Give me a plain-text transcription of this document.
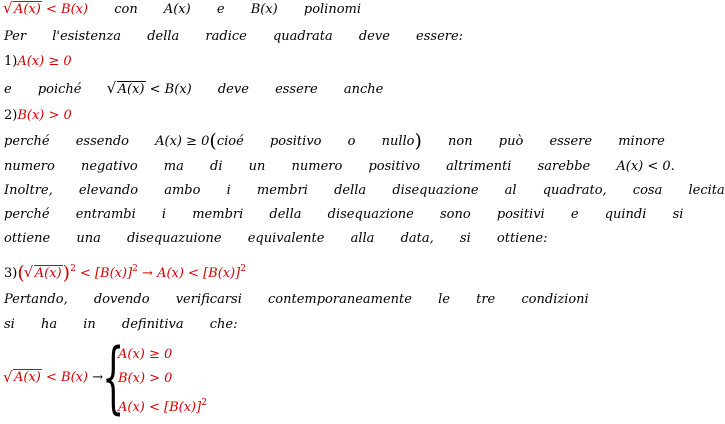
√ A(x) < B(x) con A(x) e B(x) polinomi
Per l'esistenza della radice quadrata deve essere:
1)A(x) ≥ 0
e poiché √ A(x) < B(x) deve essere anche
2)B(x) > 0
perché essendo A(x) ≥ 0(cioé positivo o nullo) non può essere minore
numero negativo ma di un numero positivo altrimenti sarebbe A(x) < 0.
Inoltre, elevando ambo i membri della disequazione al quadrato, cosa lecita
perché entrambi i membri della disequazione sono positivi e quindi si
ottiene una disequazuione equivalente alla data, si ottiene:
3)( √ $A(x))^2 < [B(x)]^2 \to A(x) < [B(x)]^2$
Pertando, dovendo verificarsi contemporaneamente le tre condizioni
si ha in definitiva che:
√ A(x) < B(x) →
{
A(x) ≥ 0
B(x) > 0
$A(x) < [B(x)]^2$
